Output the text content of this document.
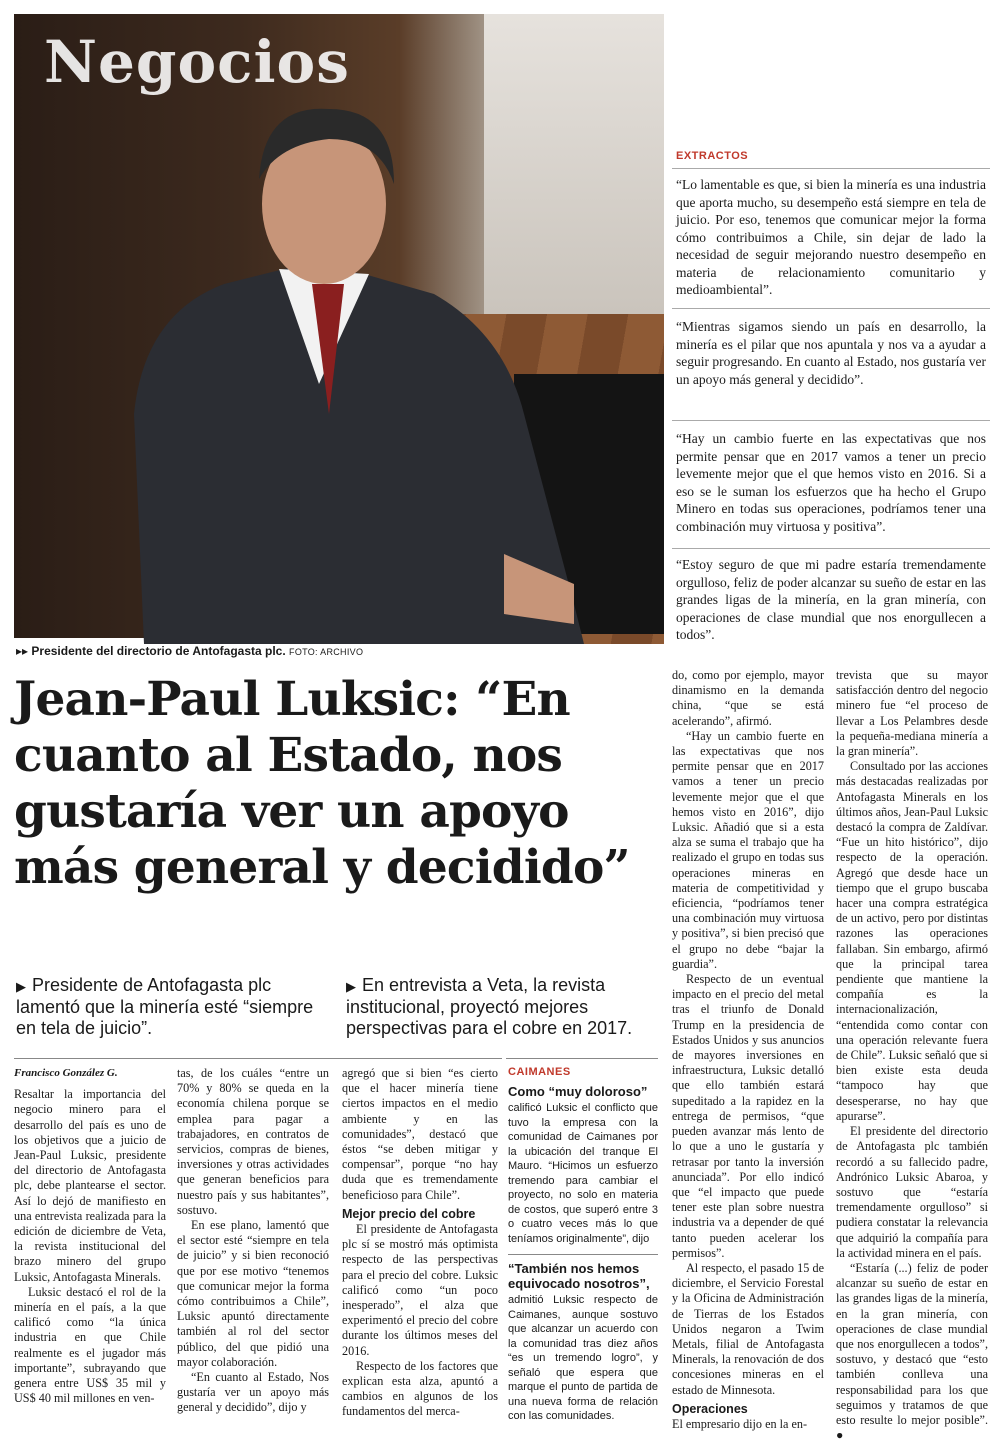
Negocios
▸▸ Presidente del directorio de Antofagasta plc. FOTO: ARCHIVO
Jean-Paul Luksic: “En cuanto al Estado, nos gustaría ver un apoyo más general y decidido”
▶ Presidente de Antofagasta plc lamentó que la minería esté “siempre en tela de juicio”.
▶ En entrevista a Veta, la revista institucional, proyectó mejores perspectivas para el cobre en 2017.
Francisco González G.

Resaltar la importancia del negocio minero para el desarrollo del país es uno de los objetivos que a juicio de Jean-Paul Luksic, presidente del directorio de Antofagasta plc, debe plantearse el sector. Así lo dejó de manifiesto en una entrevista realizada para la edición de diciembre de Veta, la revista institucional del brazo minero del grupo Luksic, Antofagasta Minerals.

Luksic destacó el rol de la minería en el país, a la que calificó como “la única industria en que Chile realmente es el jugador más importante”, subrayando que genera entre US$ 35 mil y US$ 40 mil millones en ven-

tas, de los cuáles “entre un 70% y 80% se queda en la economía chilena porque se emplea para pagar a trabajadores, en contratos de servicios, compras de bienes, inversiones y otras actividades que generan beneficios para nuestro país y sus habitantes”, sostuvo.

En ese plano, lamentó que el sector esté “siempre en tela de juicio” y si bien reconoció que por ese motivo “tenemos que comunicar mejor la forma cómo contribuimos a Chile”, Luksic apuntó directamente también al rol del sector público, del que pidió una mayor colaboración.

“En cuanto al Estado, Nos gustaría ver un apoyo más general y decidido”, dijo y

agregó que si bien “es cierto que el hacer minería tiene ciertos impactos en el medio ambiente y en las comunidades”, destacó que éstos “se deben mitigar y compensar”, porque “no hay duda que es tremendamente beneficioso para Chile”.

Mejor precio del cobre

El presidente de Antofagasta plc sí se mostró más optimista respecto de las perspectivas para el precio del cobre. Luksic calificó como “un poco inesperado”, el alza que experimentó el precio del cobre durante los últimos meses del 2016.

Respecto de los factores que explican esta alza, apuntó a cambios en algunos de los fundamentos del merca-

CAIMANES
Como “muy doloroso”
calificó Luksic el conflicto que tuvo la empresa con la comunidad de Caimanes por la ubicación del tranque El Mauro. “Hicimos un esfuerzo tremendo para cambiar el proyecto, no solo en materia de costos, que superó entre 3 o cuatro veces más lo que teníamos originalmente”, dijo
“También nos hemos equivocado nosotros”,
admitió Luksic respecto de Caimanes, aunque sostuvo que alcanzar un acuerdo con la comunidad tras diez años “es un tremendo logro”, y señaló que espera que marque el punto de partida de una nueva forma de relación con las comunidades.
EXTRACTOS
“Lo lamentable es que, si bien la minería es una industria que aporta mucho, su desempeño está siempre en tela de juicio. Por eso, tenemos que comunicar mejor la forma cómo contribuimos a Chile, sin dejar de lado la necesidad de seguir mejorando nuestro desempeño en materia de relacionamiento comunitario y medioambiental”.
“Mientras sigamos siendo un país en desarrollo, la minería es el pilar que nos apuntala y nos va a ayudar a seguir progresando. En cuanto al Estado, nos gustaría ver un apoyo más general y decidido”.
“Hay un cambio fuerte en las expectativas que nos permite pensar que en 2017 vamos a tener un precio levemente mejor que el que hemos visto en 2016. Si a eso se le suman los esfuerzos que ha hecho el Grupo Minero en todas sus operaciones, podríamos tener una combinación muy virtuosa y positiva”.
“Estoy seguro de que mi padre estaría tremendamente orgulloso, feliz de poder alcanzar su sueño de estar en las grandes ligas de la minería, en la gran minería, con operaciones de clase mundial que nos enorgullecen a todos”.

do, como por ejemplo, mayor dinamismo en la demanda china, “que se está acelerando”, afirmó.

“Hay un cambio fuerte en las expectativas que nos permite pensar que en 2017 vamos a tener un precio levemente mejor que el que hemos visto en 2016”, dijo Luksic. Añadió que si a esta alza se suma el trabajo que ha realizado el grupo en todas sus operaciones mineras en materia de competitividad y eficiencia, “podríamos tener una combinación muy virtuosa y positiva”, si bien precisó que el grupo no debe “bajar la guardia”.

Respecto de un eventual impacto en el precio del metal tras el triunfo de Donald Trump en la presidencia de Estados Unidos y sus anuncios de mayores inversiones en infraestructura, Luksic detalló que ello también estará supeditado a la rapidez en la entrega de permisos, “que pueden avanzar más lento de lo que a uno le gustaría y retrasar por tanto la inversión anunciada”. Por ello indicó que “el impacto que puede tener este plan sobre nuestra industria va a depender de qué tanto pueden acelerar los permisos”.

Al respecto, el pasado 15 de diciembre, el Servicio Forestal y la Oficina de Administración de Tierras de los Estados Unidos negaron a Twim Metals, filial de Antofagasta Minerals, la renovación de dos concesiones mineras en el estado de Minnesota.

Operaciones

El empresario dijo en la en-

trevista que su mayor satisfacción dentro del negocio minero fue “el proceso de llevar a Los Pelambres desde la pequeña-mediana minería a la gran minería”.

Consultado por las acciones más destacadas realizadas por Antofagasta Minerals en los últimos años, Jean-Paul Luksic destacó la compra de Zaldívar. “Fue un hito histórico”, dijo respecto de la operación. Agregó que desde hace un tiempo que el grupo buscaba hacer una compra estratégica de un activo, pero por distintas razones las operaciones fallaban. Sin embargo, afirmó que la principal tarea pendiente que mantiene la compañía es la internacionalización, “entendida como contar con una operación relevante fuera de Chile”. Luksic señaló que si bien existe esta deuda “tampoco hay que desesperarse, no hay que apurarse”.

El presidente del directorio de Antofagasta plc también recordó a su fallecido padre, Andrónico Luksic Abaroa, y sostuvo que “estaría tremendamente orgulloso” si pudiera constatar la relevancia que adquirió la compañía para la actividad minera en el país.

“Estaría (...) feliz de poder alcanzar su sueño de estar en las grandes ligas de la minería, en la gran minería, con operaciones de clase mundial que nos enorgullecen a todos”, sostuvo, y destacó que “esto también conlleva una responsabilidad para los que seguimos y tratamos de que esto resulte lo mejor posible”. ●
